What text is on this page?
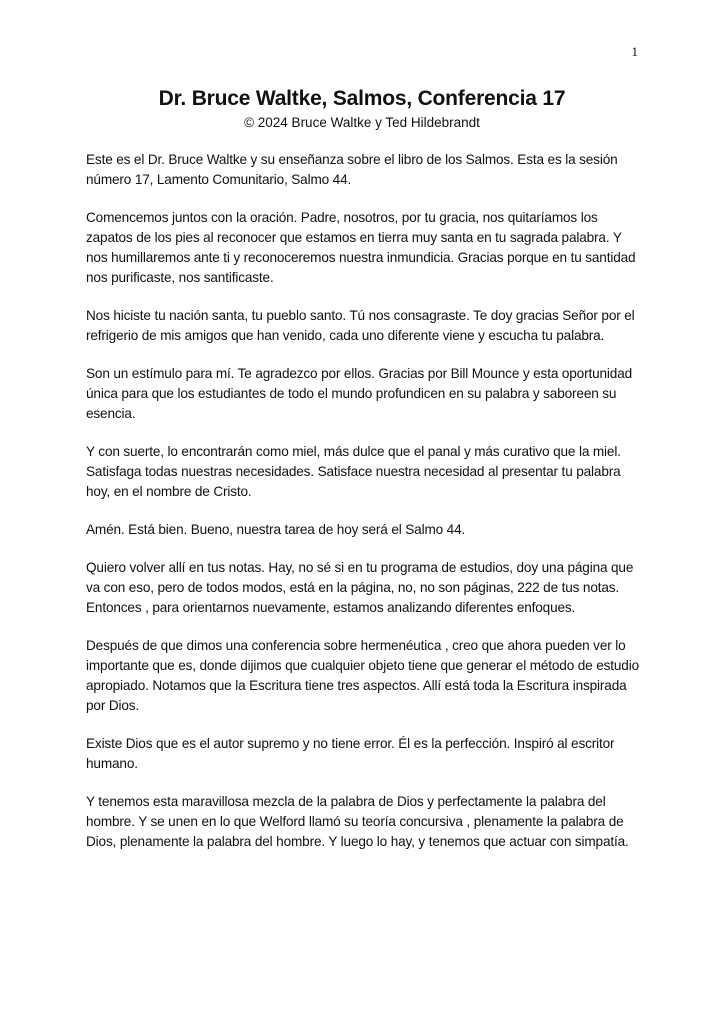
1
Dr. Bruce Waltke, Salmos, Conferencia 17
© 2024 Bruce Waltke y Ted Hildebrandt

Este es el Dr. Bruce Waltke y su enseñanza sobre el libro de los Salmos. Esta es la sesión número 17, Lamento Comunitario, Salmo 44.

Comencemos juntos con la oración. Padre, nosotros, por tu gracia, nos quitaríamos los zapatos de los pies al reconocer que estamos en tierra muy santa en tu sagrada palabra. Y nos humillaremos ante ti y reconoceremos nuestra inmundicia. Gracias porque en tu santidad nos purificaste, nos santificaste.

Nos hiciste tu nación santa, tu pueblo santo. Tú nos consagraste. Te doy gracias Señor por el refrigerio de mis amigos que han venido, cada uno diferente viene y escucha tu palabra.

Son un estímulo para mí. Te agradezco por ellos. Gracias por Bill Mounce y esta oportunidad única para que los estudiantes de todo el mundo profundicen en su palabra y saboreen su esencia.

Y con suerte, lo encontrarán como miel, más dulce que el panal y más curativo que la miel. Satisfaga todas nuestras necesidades. Satisface nuestra necesidad al presentar tu palabra hoy, en el nombre de Cristo.

Amén. Está bien. Bueno, nuestra tarea de hoy será el Salmo 44.

Quiero volver allí en tus notas. Hay, no sé si en tu programa de estudios, doy una página que va con eso, pero de todos modos, está en la página, no, no son páginas, 222 de tus notas. Entonces , para orientarnos nuevamente, estamos analizando diferentes enfoques.

Después de que dimos una conferencia sobre hermenéutica , creo que ahora pueden ver lo importante que es, donde dijimos que cualquier objeto tiene que generar el método de estudio apropiado. Notamos que la Escritura tiene tres aspectos. Allí está toda la Escritura inspirada por Dios.

Existe Dios que es el autor supremo y no tiene error. Él es la perfección. Inspiró al escritor humano.

Y tenemos esta maravillosa mezcla de la palabra de Dios y perfectamente la palabra del hombre. Y se unen en lo que Welford llamó su teoría concursiva , plenamente la palabra de Dios, plenamente la palabra del hombre. Y luego lo hay, y tenemos que actuar con simpatía.
